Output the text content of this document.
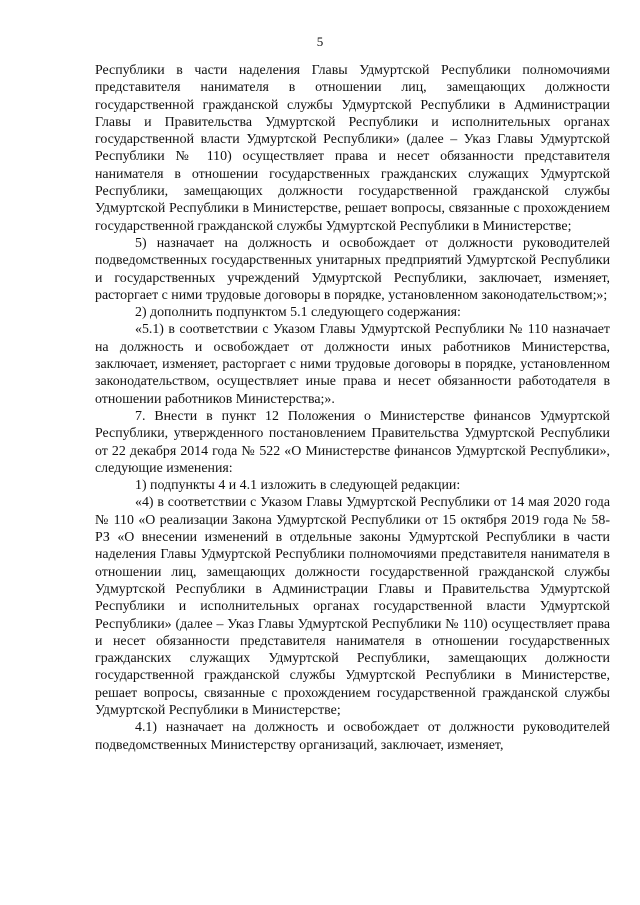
5

Республики в части наделения Главы Удмуртской Республики полномочиями представителя нанимателя в отношении лиц, замещающих должности государственной гражданской службы Удмуртской Республики в Администрации Главы и Правительства Удмуртской Республики и исполнительных органах государственной власти Удмуртской Республики» (далее – Указ Главы Удмуртской Республики № 110) осуществляет права и несет обязанности представителя нанимателя в отношении государственных гражданских служащих Удмуртской Республики, замещающих должности государственной гражданской службы Удмуртской Республики в Министерстве, решает вопросы, связанные с прохождением государственной гражданской службы Удмуртской Республики в Министерстве;

5) назначает на должность и освобождает от должности руководителей подведомственных государственных унитарных предприятий Удмуртской Республики и государственных учреждений Удмуртской Республики, заключает, изменяет, расторгает с ними трудовые договоры в порядке, установленном законодательством;»;

2) дополнить подпунктом 5.1 следующего содержания:

«5.1) в соответствии с Указом Главы Удмуртской Республики № 110 назначает на должность и освобождает от должности иных работников Министерства, заключает, изменяет, расторгает с ними трудовые договоры в порядке, установленном законодательством, осуществляет иные права и несет обязанности работодателя в отношении работников Министерства;».

7. Внести в пункт 12 Положения о Министерстве финансов Удмуртской Республики, утвержденного постановлением Правительства Удмуртской Республики от 22 декабря 2014 года № 522 «О Министерстве финансов Удмуртской Республики», следующие изменения:

1) подпункты 4 и 4.1 изложить в следующей редакции:

«4) в соответствии с Указом Главы Удмуртской Республики от 14 мая 2020 года № 110 «О реализации Закона Удмуртской Республики от 15 октября 2019 года № 58-РЗ «О внесении изменений в отдельные законы Удмуртской Республики в части наделения Главы Удмуртской Республики полномочиями представителя нанимателя в отношении лиц, замещающих должности государственной гражданской службы Удмуртской Республики в Администрации Главы и Правительства Удмуртской Республики и исполнительных органах государственной власти Удмуртской Республики» (далее – Указ Главы Удмуртской Республики № 110) осуществляет права и несет обязанности представителя нанимателя в отношении государственных гражданских служащих Удмуртской Республики, замещающих должности государственной гражданской службы Удмуртской Республики в Министерстве, решает вопросы, связанные с прохождением государственной гражданской службы Удмуртской Республики в Министерстве;

4.1) назначает на должность и освобождает от должности руководителей подведомственных Министерству организаций, заключает, изменяет,
